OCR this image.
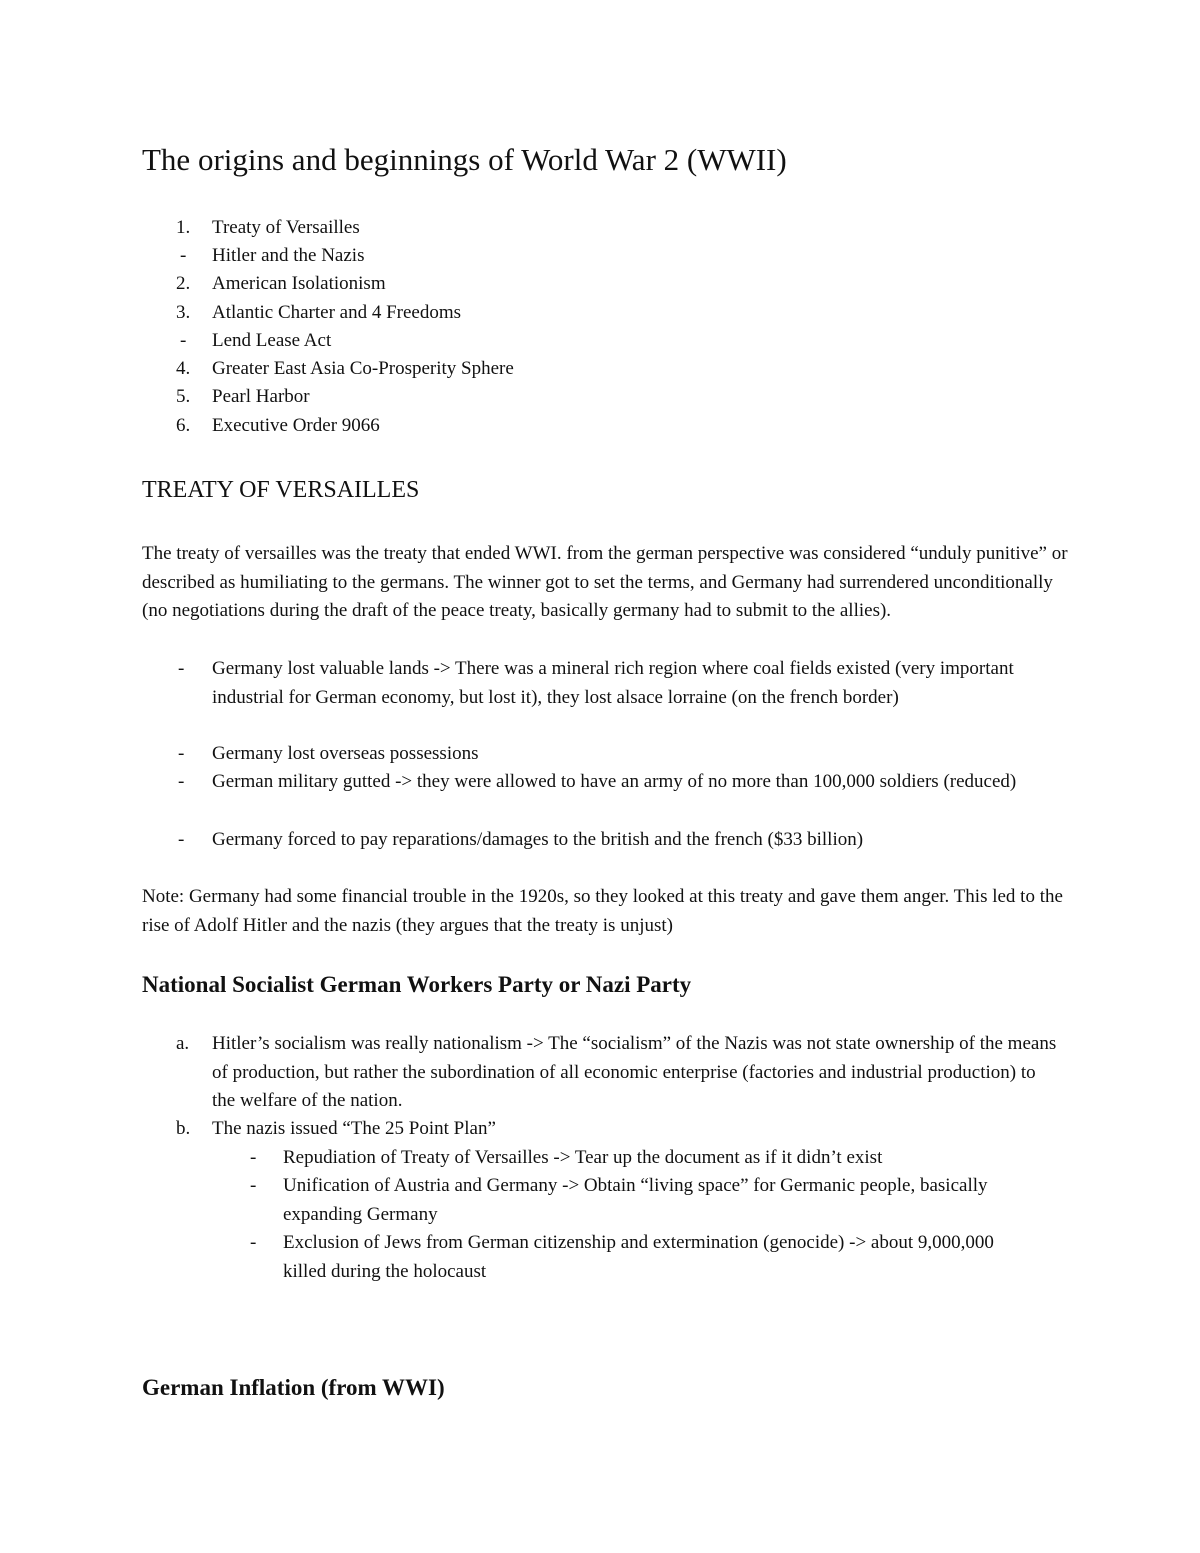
The origins and beginnings of World War 2 (WWII)
1. Treaty of Versailles
- Hitler and the Nazis
2. American Isolationism
3. Atlantic Charter and 4 Freedoms
- Lend Lease Act
4. Greater East Asia Co-Prosperity Sphere
5. Pearl Harbor
6. Executive Order 9066
TREATY OF VERSAILLES

The treaty of versailles was the treaty that ended WWI. from the german perspective was considered “unduly punitive” or described as humiliating to the germans. The winner got to set the terms, and Germany had surrendered unconditionally (no negotiations during the draft of the peace treaty, basically germany had to submit to the allies).

- Germany lost valuable lands -> There was a mineral rich region where coal fields existed (very important industrial for German economy, but lost it), they lost alsace lorraine (on the french border)

- Germany lost overseas possessions

- German military gutted -> they were allowed to have an army of no more than 100,000 soldiers (reduced)

- Germany forced to pay reparations/damages to the british and the french ($33 billion)

Note: Germany had some financial trouble in the 1920s, so they looked at this treaty and gave them anger. This led to the rise of Adolf Hitler and the nazis (they argues that the treaty is unjust)

National Socialist German Workers Party or Nazi Party
a. Hitler’s socialism was really nationalism -> The “socialism” of the Nazis was not state ownership of the means of production, but rather the subordination of all economic enterprise (factories and industrial production) to the welfare of the nation.

b. The nazis issued “The 25 Point Plan”

- Repudiation of Treaty of Versailles -> Tear up the document as if it didn’t exist

- Unification of Austria and Germany -> Obtain “living space” for Germanic people, basically expanding Germany

- Exclusion of Jews from German citizenship and extermination (genocide) -> about 9,000,000 killed during the holocaust

German Inflation (from WWI)
